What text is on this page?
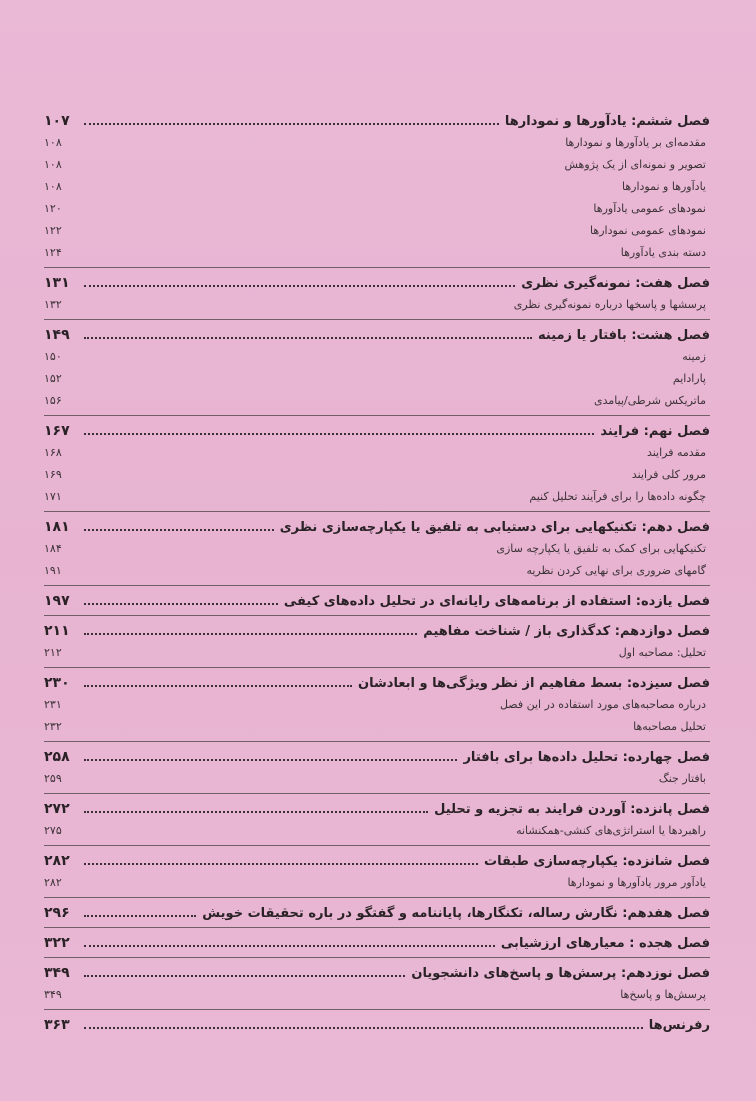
فصل ششم: یادآورها و نمودارها
۱۰۷
مقدمه‌ای بر یادآورها و نمودارها
۱۰۸
تصویر و نمونه‌ای از یک پژوهش
۱۰۸
یادآورها و نمودارها
۱۰۸
نمودهای عمومی یادآورها
۱۲۰
نمودهای عمومی نمودارها
۱۲۲
دسته بندی یادآورها
۱۲۴
فصل هفت: نمونه‌گیری نظری
۱۳۱
پرسشها و پاسخها درباره نمونه‌گیری نظری
۱۳۲
فصل هشت: بافتار یا زمینه
۱۴۹
زمینه
۱۵۰
پارادایم
۱۵۲
ماتریکس شرطی/پیامدی
۱۵۶
فصل نهم: فرایند
۱۶۷
مقدمه فرایند
۱۶۸
مرور کلی فرایند
۱۶۹
چگونه داده‌ها را برای فرآیند تحلیل کنیم
۱۷۱
فصل دهم: تکنیکهایی برای دستیابی به تلفیق یا یکپارچه‌سازی نظری
۱۸۱
تکنیکهایی برای کمک به تلفیق یا یکپارچه سازی
۱۸۴
گامهای ضروری برای نهایی کردن نظریه
۱۹۱
فصل یازده: استفاده از برنامه‌های رایانه‌ای در تحلیل داده‌های کیفی
۱۹۷
فصل دوازدهم: کدگذاری باز / شناخت مفاهیم
۲۱۱
تحلیل: مصاحبه اول
۲۱۲
فصل سیزده: بسط مفاهیم از نظر ویژگی‌ها و ابعادشان
۲۳۰
درباره مصاحبه‌های مورد استفاده در این فصل
۲۳۱
تحلیل مصاحبه‌ها
۲۳۲
فصل چهارده: تحلیل داده‌ها برای بافتار
۲۵۸
بافتار جنگ
۲۵۹
فصل پانزده: آوردن فرایند به تجزیه و تحلیل
۲۷۲
راهبردها یا استراتژی‌های کنشی-همکنشانه
۲۷۵
فصل شانزده: یکپارچه‌سازی طبقات
۲۸۲
یادآور مرور یادآورها و نمودارها
۲۸۲
فصل هفدهم: نگارش رساله، تکنگارها، پایاننامه و گفتگو در باره تحقیقات خویش
۲۹۶
فصل هجده : معیارهای ارزشیابی
۳۲۲
فصل نوزدهم: پرسش‌ها و پاسخ‌های دانشجویان
۳۴۹
پرسش‌ها و پاسخ‌ها
۳۴۹
رفرنس‌ها
۳۶۳
